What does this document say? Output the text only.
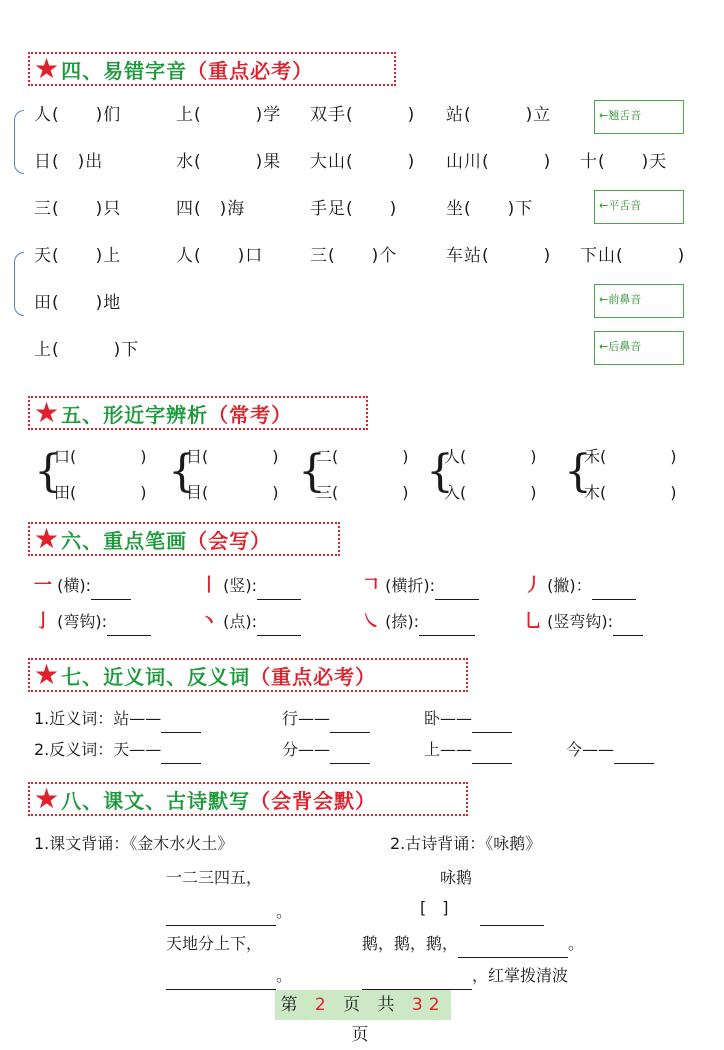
★ 四、易错字音 （重点必考）
人(　　)们	上(　　　)学 双手(　　　) 站(　　　)立
日(　)出	水(　　　)果 大山(　　　) 山川(　　　) 十(　　)天
三(　　)只	四(　)海	手足(　　)	坐(　　)下
天(　　)上	人(　　)口	三(　　)个	车站(　　　) 下山(　　　)
田(　　)地
上(　　　)下
←翘舌音
←平舌音
←前鼻音
←后鼻音
★ 五、形近字辨析 （常考）
{
口(　　　　)
田(　　　　) {
日(　　　　)
目(　　　　) {
二(　　　　)
三(　　　　) {
人(　　　　)
入(　　　　) {
禾(　　　　)
木(　　　　)
★ 六、重点笔画 （会写）
一 (横):	丨 (竖):	𠃍 (横折):	丿 (撇)：
亅 (弯钩):	丶 (点):	㇏ (捺):	乚 (竖弯钩):
★ 七、近义词、反义词 （重点必考）
1.近义词：站——	行——	卧——
2.反义词：天——	分——	上——	今——
★ 八、课文、古诗默写 （会背会默）
1.课文背诵：《金木水火土》	2.古诗背诵：《咏鹅》
一二三四五，	咏鹅
。	[　]
天地分上下，	鹅，鹅，鹅，	。
。	，红掌拨清波
第 2 页 共 32 页
